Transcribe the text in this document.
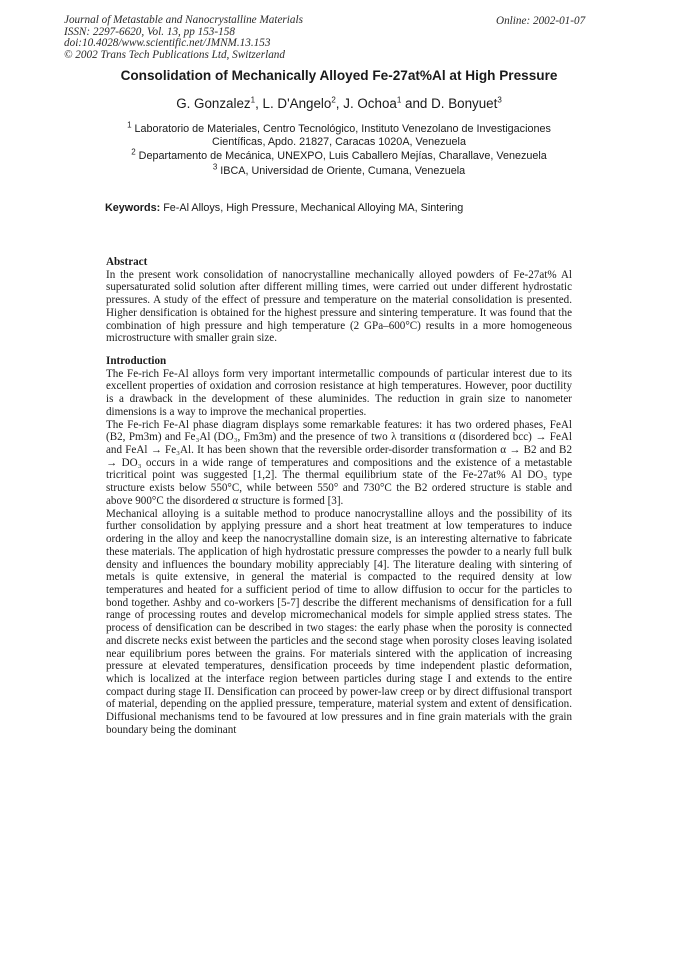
Journal of Metastable and Nanocrystalline Materials
ISSN: 2297-6620, Vol. 13, pp 153-158
doi:10.4028/www.scientific.net/JMNM.13.153
© 2002 Trans Tech Publications Ltd, Switzerland
Online: 2002-01-07
Consolidation of Mechanically Alloyed Fe-27at%Al at High Pressure
G. Gonzalez$^1$, L. D'Angelo$^2$, J. Ochoa$^1$ and D. Bonyuet$^3$
$^1$ Laboratorio de Materiales, Centro Tecnológico, Instituto Venezolano de Investigaciones
Científicas, Apdo. 21827, Caracas 1020A, Venezuela
$^2$ Departamento de Mecánica, UNEXPO, Luis Caballero Mejías, Charallave, Venezuela
$^3$ IBCA, Universidad de Oriente, Cumana, Venezuela
Keywords: Fe-Al Alloys, High Pressure, Mechanical Alloying MA, Sintering
Abstract

In the present work consolidation of nanocrystalline mechanically alloyed powders of Fe-27at% Al supersaturated solid solution after different milling times, were carried out under different hydrostatic pressures. A study of the effect of pressure and temperature on the material consolidation is presented. Higher densification is obtained for the highest pressure and sintering temperature. It was found that the combination of high pressure and high temperature (2 GPa–600°C) results in a more homogeneous microstructure with smaller grain size.

Introduction

The Fe-rich Fe-Al alloys form very important intermetallic compounds of particular interest due to its excellent properties of oxidation and corrosion resistance at high temperatures. However, poor ductility is a drawback in the development of these aluminides. The reduction in grain size to nanometer dimensions is a way to improve the mechanical properties.

The Fe-rich Fe-Al phase diagram displays some remarkable features: it has two ordered phases, FeAl (B2, Pm3m) and Fe₃Al (DO₃, Fm3m) and the presence of two λ transitions α (disordered bcc) → FeAl and FeAl → Fe₃Al. It has been shown that the reversible order-disorder transformation α → B2 and B2 → DO₃ occurs in a wide range of temperatures and compositions and the existence of a metastable tricritical point was suggested [1,2]. The thermal equilibrium state of the Fe-27at% Al DO₃ type structure exists below 550°C, while between 550° and 730°C the B2 ordered structure is stable and above 900°C the disordered α structure is formed [3].

Mechanical alloying is a suitable method to produce nanocrystalline alloys and the possibility of its further consolidation by applying pressure and a short heat treatment at low temperatures to induce ordering in the alloy and keep the nanocrystalline domain size, is an interesting alternative to fabricate these materials. The application of high hydrostatic pressure compresses the powder to a nearly full bulk density and influences the boundary mobility appreciably [4]. The literature dealing with sintering of metals is quite extensive, in general the material is compacted to the required density at low temperatures and heated for a sufficient period of time to allow diffusion to occur for the particles to bond together. Ashby and co-workers [5-7] describe the different mechanisms of densification for a full range of processing routes and develop micromechanical models for simple applied stress states. The process of densification can be described in two stages: the early phase when the porosity is connected and discrete necks exist between the particles and the second stage when porosity closes leaving isolated near equilibrium pores between the grains. For materials sintered with the application of increasing pressure at elevated temperatures, densification proceeds by time independent plastic deformation, which is localized at the interface region between particles during stage I and extends to the entire compact during stage II. Densification can proceed by power-law creep or by direct diffusional transport of material, depending on the applied pressure, temperature, material system and extent of densification. Diffusional mechanisms tend to be favoured at low pressures and in fine grain materials with the grain boundary being the dominant
